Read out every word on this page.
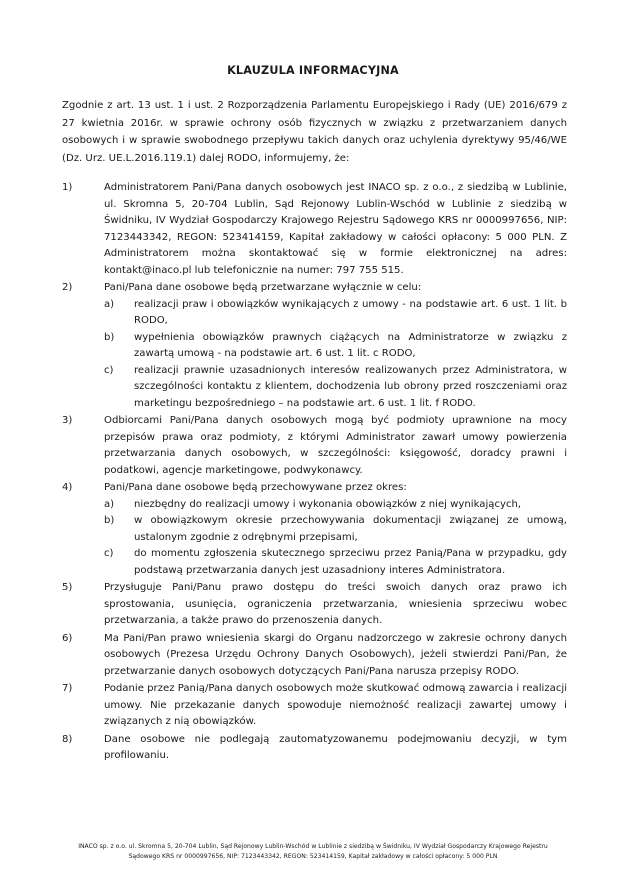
KLAUZULA INFORMACYJNA
Zgodnie z art. 13 ust. 1 i ust. 2 Rozporządzenia Parlamentu Europejskiego i Rady (UE) 2016/679 z 27 kwietnia 2016r. w sprawie ochrony osób fizycznych w związku z przetwarzaniem danych osobowych i w sprawie swobodnego przepływu takich danych oraz uchylenia dyrektywy 95/46/WE (Dz. Urz. UE.L.2016.119.1) dalej RODO, informujemy, że:
1)	Administratorem Pani/Pana danych osobowych jest INACO sp. z o.o., z siedzibą w Lublinie, ul. Skromna 5, 20-704 Lublin, Sąd Rejonowy Lublin-Wschód w Lublinie z siedzibą w Świdniku, IV Wydział Gospodarczy Krajowego Rejestru Sądowego KRS nr 0000997656, NIP: 7123443342, REGON: 523414159, Kapitał zakładowy w całości opłacony: 5 000 PLN. Z Administratorem można skontaktować się w formie elektronicznej na adres: kontakt@inaco.pl lub telefonicznie na numer: 797 755 515.
2)	Pani/Pana dane osobowe będą przetwarzane wyłącznie w celu:
a) realizacji praw i obowiązków wynikających z umowy - na podstawie art. 6 ust. 1 lit. b RODO,
b) wypełnienia obowiązków prawnych ciążących na Administratorze w związku z zawartą umową - na podstawie art. 6 ust. 1 lit. c RODO,
c) realizacji prawnie uzasadnionych interesów realizowanych przez Administratora, w szczególności kontaktu z klientem, dochodzenia lub obrony przed roszczeniami oraz marketingu bezpośredniego – na podstawie art. 6 ust. 1 lit. f RODO.
3)	Odbiorcami Pani/Pana danych osobowych mogą być podmioty uprawnione na mocy przepisów prawa oraz podmioty, z którymi Administrator zawarł umowy powierzenia przetwarzania danych osobowych, w szczególności: księgowość, doradcy prawni i podatkowi, agencje marketingowe, podwykonawcy.
4)	Pani/Pana dane osobowe będą przechowywane przez okres:
a) niezbędny do realizacji umowy i wykonania obowiązków z niej wynikających,
b) w obowiązkowym okresie przechowywania dokumentacji związanej ze umową, ustalonym zgodnie z odrębnymi przepisami,
c) do momentu zgłoszenia skutecznego sprzeciwu przez Panią/Pana w przypadku, gdy podstawą przetwarzania danych jest uzasadniony interes Administratora.
5)	Przysługuje Pani/Panu prawo dostępu do treści swoich danych oraz prawo ich sprostowania, usunięcia, ograniczenia przetwarzania, wniesienia sprzeciwu wobec przetwarzania, a także prawo do przenoszenia danych.
6)	Ma Pani/Pan prawo wniesienia skargi do Organu nadzorczego w zakresie ochrony danych osobowych (Prezesa Urzędu Ochrony Danych Osobowych), jeżeli stwierdzi Pani/Pan, że przetwarzanie danych osobowych dotyczących Pani/Pana narusza przepisy RODO.
7)	Podanie przez Panią/Pana danych osobowych może skutkować odmową zawarcia i realizacji umowy. Nie przekazanie danych spowoduje niemożność realizacji zawartej umowy i związanych z nią obowiązków.
8)	Dane osobowe nie podlegają zautomatyzowanemu podejmowaniu decyzji, w tym profilowaniu.
INACO sp. z o.o. ul. Skromna 5, 20-704 Lublin, Sąd Rejonowy Lublin-Wschód w Lublinie z siedzibą w Świdniku, IV Wydział Gospodarczy Krajowego Rejestru
Sądowego KRS nr 0000997656, NIP: 7123443342, REGON: 523414159, Kapitał zakładowy w całości opłacony: 5 000 PLN
